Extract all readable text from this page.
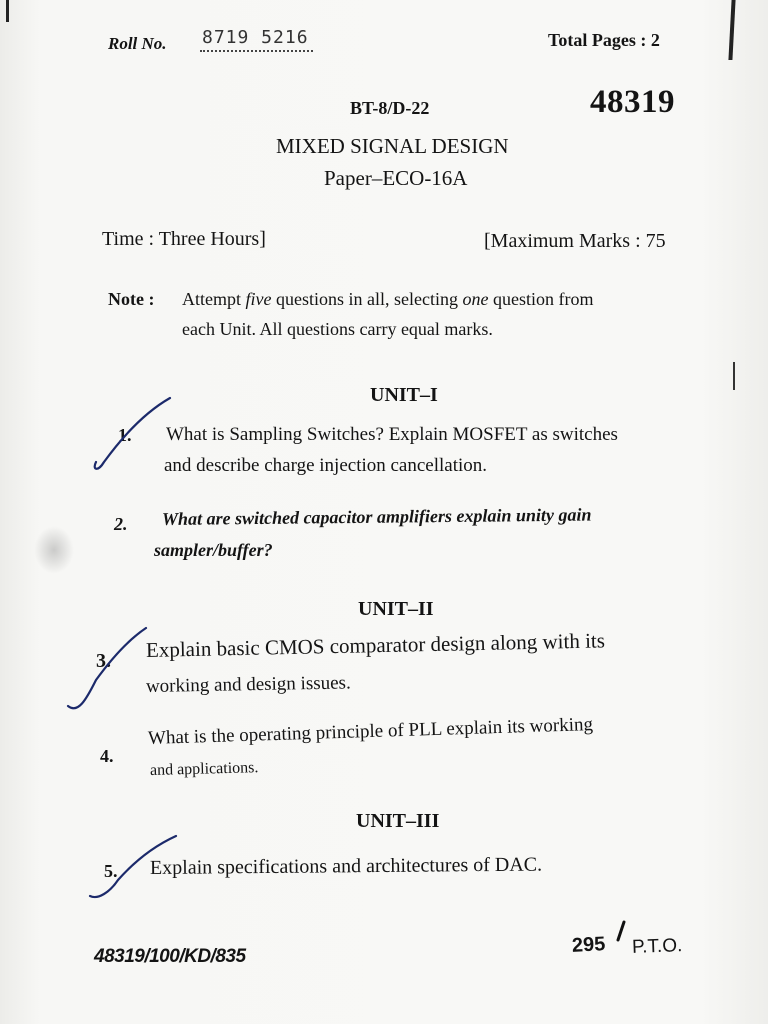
Roll No. 8719 5216	Total Pages : 2
BT-8/D-22	48319
MIXED SIGNAL DESIGN
Paper–ECO-16A
Time : Three Hours]	[Maximum Marks : 75
Note : Attempt five questions in all, selecting one question from
each Unit. All questions carry equal marks.
UNIT–I
1. What is Sampling Switches? Explain MOSFET as switches
and describe charge injection cancellation.
2. What are switched capacitor amplifiers explain unity gain
sampler/buffer?
UNIT–II
3. Explain basic CMOS comparator design along with its
working and design issues.
4.
What is the operating principle of PLL explain its working
and applications.
UNIT–III
5. Explain specifications and architectures of DAC.
48319/100/KD/835	295 P.T.O.
